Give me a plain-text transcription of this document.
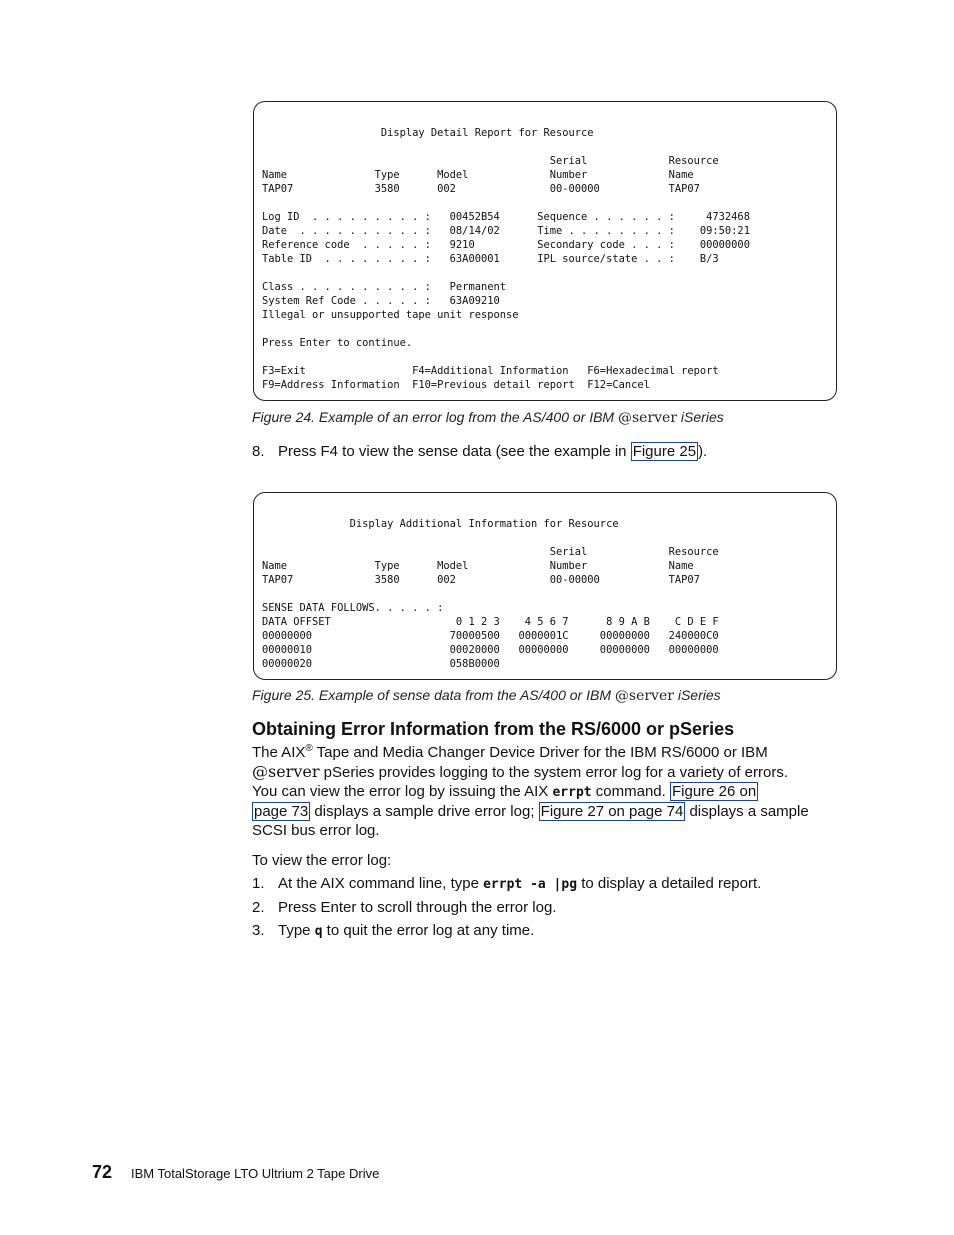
Display Detail Report for Resource

Serial             Resource
Name              Type      Model             Number             Name
TAP07             3580      002               00-00000           TAP07

Log ID  . . . . . . . . . :   00452B54      Sequence . . . . . . :     4732468
Date  . . . . . . . . . . :   08/14/02      Time . . . . . . . . :    09:50:21
Reference code  . . . . . :   9210          Secondary code . . . :    00000000
Table ID  . . . . . . . . :   63A00001      IPL source/state . . :    B/3

Class . . . . . . . . . . :   Permanent
System Ref Code . . . . . :   63A09210
Illegal or unsupported tape unit response

Press Enter to continue.

F3=Exit                 F4=Additional Information   F6=Hexadecimal report
F9=Address Information  F10=Previous detail report  F12=Cancel
Figure 24. Example of an error log from the AS/400 or IBM @server iSeries
8. Press F4 to view the sense data (see the example in Figure 25 ).
Display Additional Information for Resource

Serial             Resource
Name              Type      Model             Number             Name
TAP07             3580      002               00-00000           TAP07

SENSE DATA FOLLOWS. . . . . :
DATA OFFSET                    0 1 2 3    4 5 6 7      8 9 A B    C D E F
00000000                      70000500   0000001C     00000000   240000C0
00000010                      00020000   00000000     00000000   00000000
00000020                      058B0000
Figure 25. Example of sense data from the AS/400 or IBM @server iSeries
Obtaining Error Information from the RS/6000 or pSeries
The AIX® Tape and Media Changer Device Driver for the IBM RS/6000 or IBM
@server pSeries provides logging to the system error log for a variety of errors.
You can view the error log by issuing the AIX errpt command. Figure 26 on
page 73 displays a sample drive error log; Figure 27 on page 74 displays a sample
SCSI bus error log.
To view the error log:
1. At the AIX command line, type errpt -a |pg to display a detailed report.
2. Press Enter to scroll through the error log.
3. Type q to quit the error log at any time.
72 IBM TotalStorage LTO Ultrium 2 Tape Drive
